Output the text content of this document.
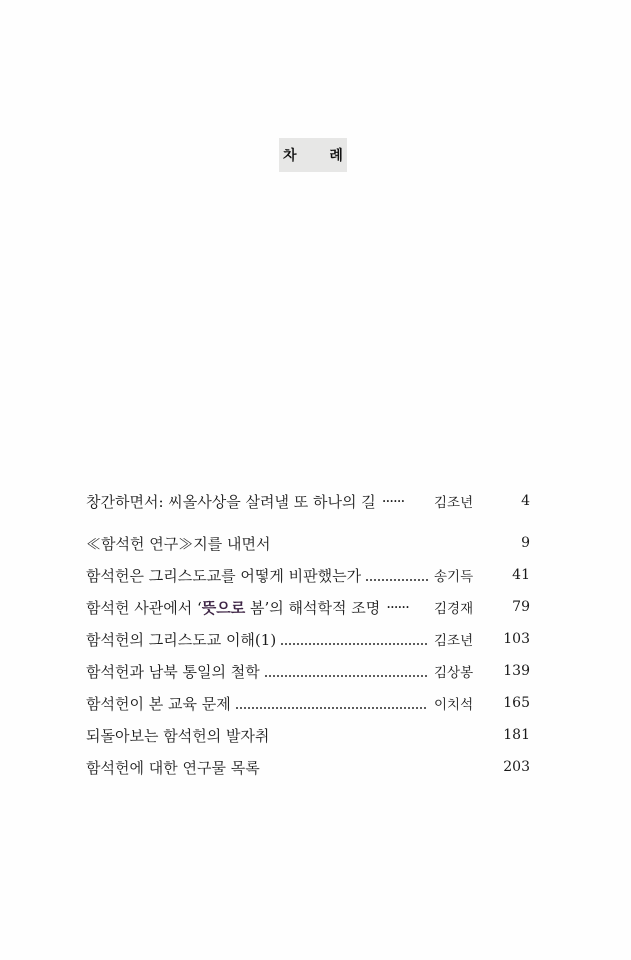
차 례
창간하면서: 씨올사상을 살려낼 또 하나의 길 ······ 김조년	4
≪함석헌 연구≫지를 내면서	9
함석헌은 그리스도교를 어떻게 비판했는가	송기득	41
함석헌 사관에서 ‘뜻으로 봄’의 해석학적 조명 ······ 김경재	79
함석헌의 그리스도교 이해(1)	김조년	103
함석헌과 남북 통일의 철학	김상봉	139
함석헌이 본 교육 문제	이치석	165
되돌아보는 함석헌의 발자취	181
함석헌에 대한 연구물 목록	203
